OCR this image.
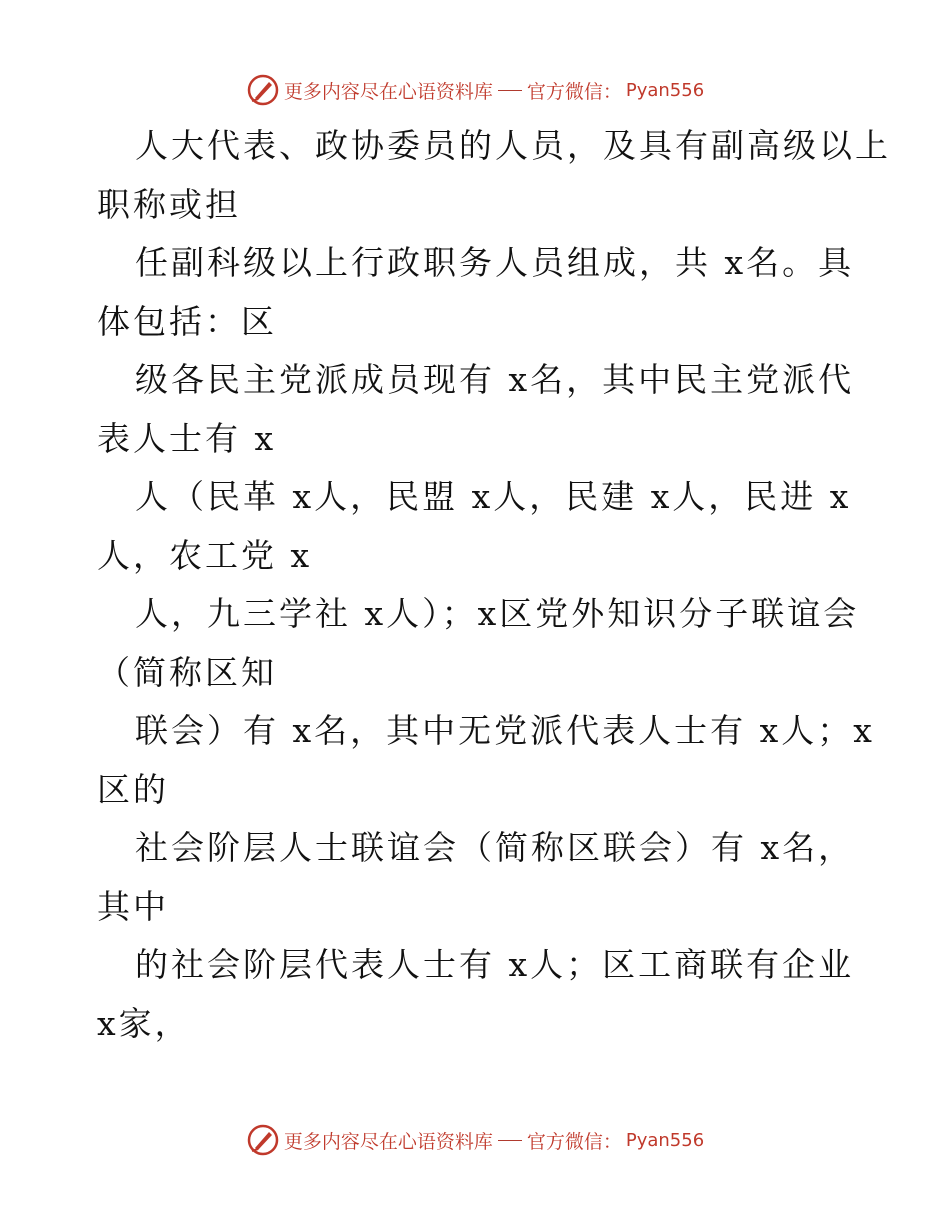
更多内容尽在心语资料库 官方微信： Pyan556
人大代表、政协委员的人员，及具有副高级以上
职称或担
任副科级以上行政职务人员组成，共 x名。具
体包括：区
级各民主党派成员现有 x名，其中民主党派代
表人士有 x
人（民革 x人，民盟 x人，民建 x人，民进 x
人，农工党 x
人，九三学社 x人）；x区党外知识分子联谊会
（简称区知
联会）有 x名，其中无党派代表人士有 x人；x
区的
社会阶层人士联谊会（简称区联会）有 x名，
其中
的社会阶层代表人士有 x人；区工商联有企业
x家，
更多内容尽在心语资料库 官方微信： Pyan556
